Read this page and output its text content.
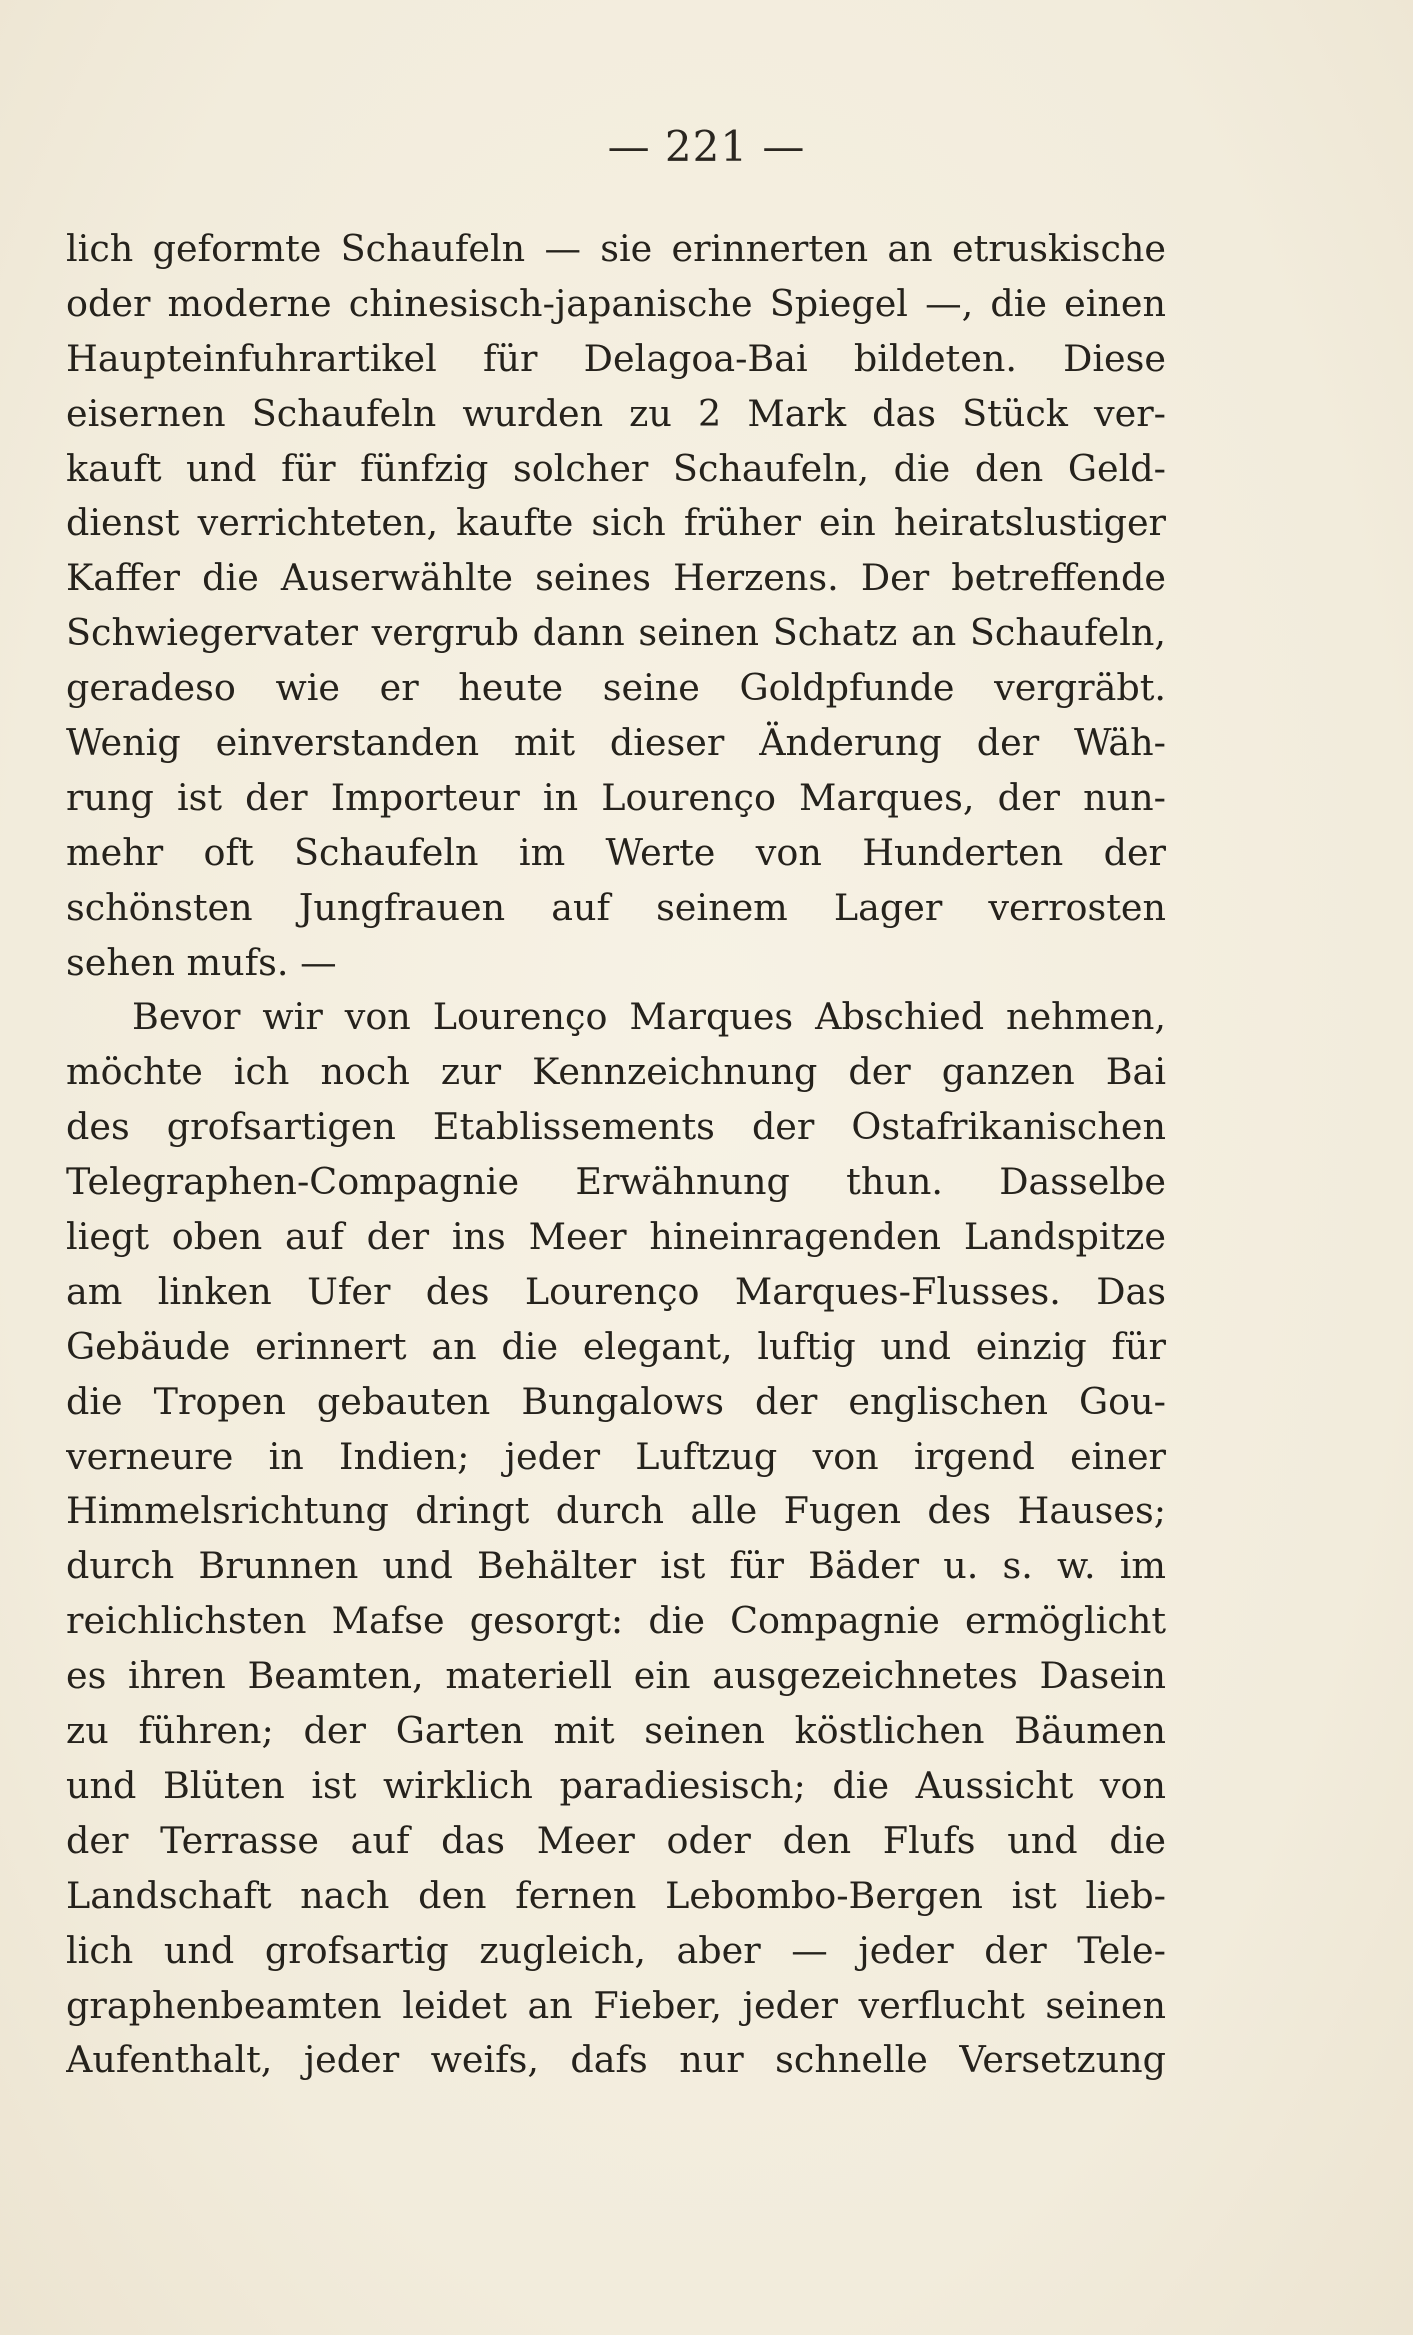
— 221 —
lich geformte Schaufeln — sie erinnerten an etruskische
oder moderne chinesisch-japanische Spiegel —, die einen
Haupteinfuhrartikel für Delagoa-Bai bildeten. Diese
eisernen Schaufeln wurden zu 2 Mark das Stück ver-
kauft und für fünfzig solcher Schaufeln, die den Geld-
dienst verrichteten, kaufte sich früher ein heiratslustiger
Kaffer die Auserwählte seines Herzens. Der betreffende
Schwiegervater vergrub dann seinen Schatz an Schaufeln,
geradeso wie er heute seine Goldpfunde vergräbt.
Wenig einverstanden mit dieser Änderung der Wäh-
rung ist der Importeur in Lourenço Marques, der nun-
mehr oft Schaufeln im Werte von Hunderten der
schönsten Jungfrauen auf seinem Lager verrosten
sehen mufs. —
Bevor wir von Lourenço Marques Abschied nehmen,
möchte ich noch zur Kennzeichnung der ganzen Bai
des grofsartigen Etablissements der Ostafrikanischen
Telegraphen-Compagnie Erwähnung thun. Dasselbe
liegt oben auf der ins Meer hineinragenden Landspitze
am linken Ufer des Lourenço Marques-Flusses. Das
Gebäude erinnert an die elegant, luftig und einzig für
die Tropen gebauten Bungalows der englischen Gou-
verneure in Indien; jeder Luftzug von irgend einer
Himmelsrichtung dringt durch alle Fugen des Hauses;
durch Brunnen und Behälter ist für Bäder u. s. w. im
reichlichsten Mafse gesorgt: die Compagnie ermöglicht
es ihren Beamten, materiell ein ausgezeichnetes Dasein
zu führen; der Garten mit seinen köstlichen Bäumen
und Blüten ist wirklich paradiesisch; die Aussicht von
der Terrasse auf das Meer oder den Flufs und die
Landschaft nach den fernen Lebombo-Bergen ist lieb-
lich und grofsartig zugleich, aber — jeder der Tele-
graphenbeamten leidet an Fieber, jeder verflucht seinen
Aufenthalt, jeder weifs, dafs nur schnelle Versetzung
